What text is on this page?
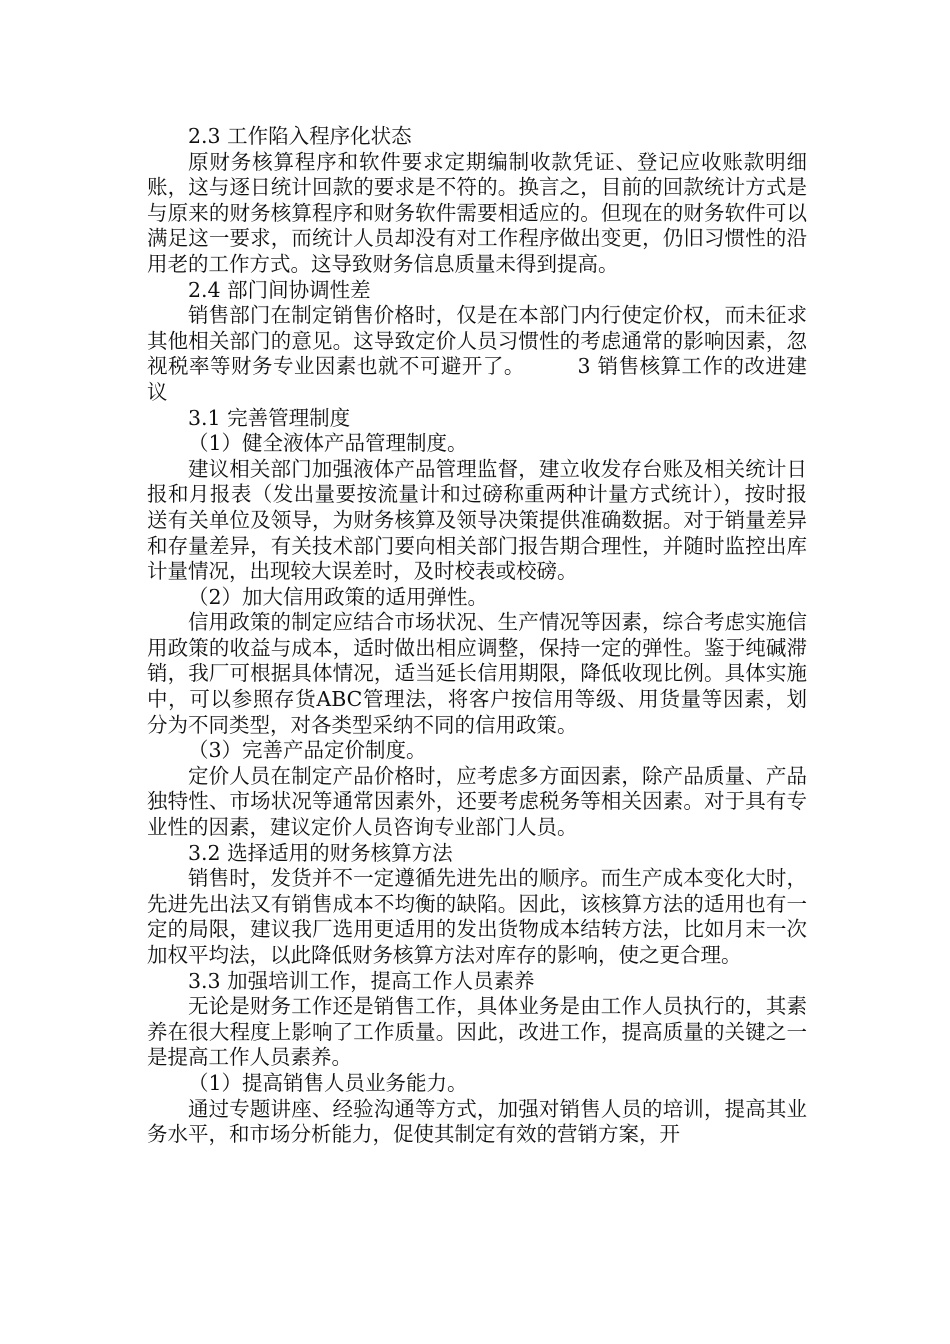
2.3 工作陷入程序化状态

原财务核算程序和软件要求定期编制收款凭证、登记应收账款明细账，这与逐日统计回款的要求是不符的。换言之，目前的回款统计方式是与原来的财务核算程序和财务软件需要相适应的。但现在的财务软件可以满足这一要求，而统计人员却没有对工作程序做出变更，仍旧习惯性的沿用老的工作方式。这导致财务信息质量未得到提高。

2.4 部门间协调性差

销售部门在制定销售价格时，仅是在本部门内行使定价权，而未征求其他相关部门的意见。这导致定价人员习惯性的考虑通常的影响因素，忽视税率等财务专业因素也就不可避开了。　　　3 销售核算工作的改进建议

3.1 完善管理制度

（1）健全液体产品管理制度。

建议相关部门加强液体产品管理监督，建立收发存台账及相关统计日报和月报表（发出量要按流量计和过磅称重两种计量方式统计），按时报送有关单位及领导，为财务核算及领导决策提供准确数据。对于销量差异和存量差异，有关技术部门要向相关部门报告期合理性，并随时监控出库计量情况，出现较大误差时，及时校表或校磅。

（2）加大信用政策的适用弹性。

信用政策的制定应结合市场状况、生产情况等因素，综合考虑实施信用政策的收益与成本，适时做出相应调整，保持一定的弹性。鉴于纯碱滞销，我厂可根据具体情况，适当延长信用期限，降低收现比例。具体实施中，可以参照存货ABC管理法，将客户按信用等级、用货量等因素，划分为不同类型，对各类型采纳不同的信用政策。

（3）完善产品定价制度。

定价人员在制定产品价格时，应考虑多方面因素，除产品质量、产品独特性、市场状况等通常因素外，还要考虑税务等相关因素。对于具有专业性的因素，建议定价人员咨询专业部门人员。

3.2 选择适用的财务核算方法

销售时，发货并不一定遵循先进先出的顺序。而生产成本变化大时，先进先出法又有销售成本不均衡的缺陷。因此，该核算方法的适用也有一定的局限，建议我厂选用更适用的发出货物成本结转方法，比如月末一次加权平均法，以此降低财务核算方法对库存的影响，使之更合理。

3.3 加强培训工作，提高工作人员素养

无论是财务工作还是销售工作，具体业务是由工作人员执行的，其素养在很大程度上影响了工作质量。因此，改进工作，提高质量的关键之一是提高工作人员素养。

（1）提高销售人员业务能力。

通过专题讲座、经验沟通等方式，加强对销售人员的培训，提高其业务水平，和市场分析能力，促使其制定有效的营销方案，开
